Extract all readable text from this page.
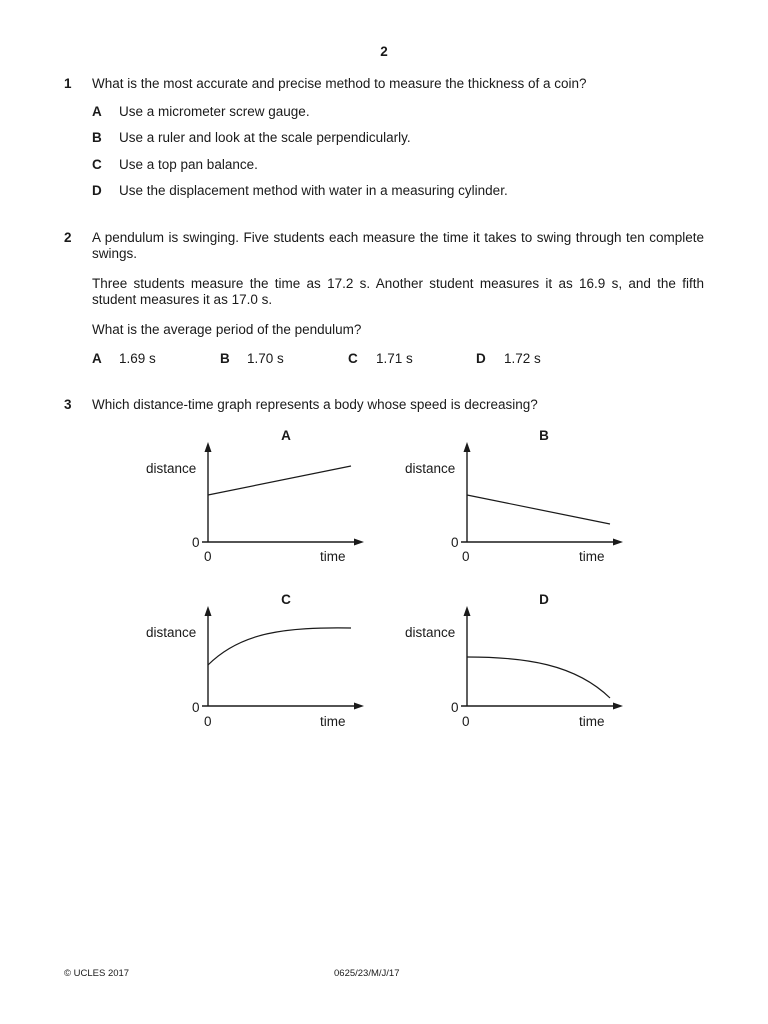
2
1 What is the most accurate and precise method to measure the thickness of a coin?
A Use a micrometer screw gauge.
B Use a ruler and look at the scale perpendicularly.
C Use a top pan balance.
D Use the displacement method with water in a measuring cylinder.
2 A pendulum is swinging. Five students each measure the time it takes to swing through ten complete swings.
Three students measure the time as 17.2 s. Another student measures it as 16.9 s, and the fifth student measures it as 17.0 s.
What is the average period of the pendulum?
A 1.69 s	B 1.70 s	C 1.71 s	D 1.72 s
3 Which distance-time graph represents a body whose speed is decreasing?
A
distance
0
0	time
B
distance
0
0	time
C
distance
0
0	time
D
distance
0
0	time
© UCLES 2017	0625/23/M/J/17
